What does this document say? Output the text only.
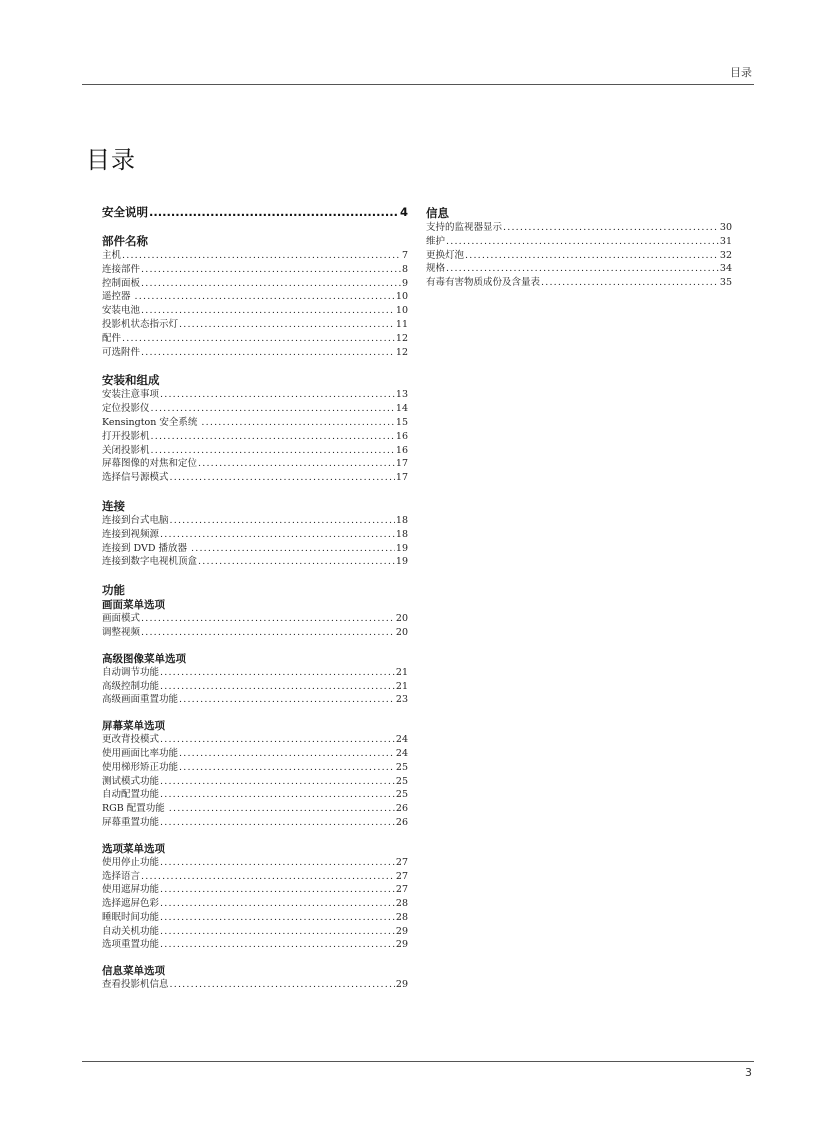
目录
目录
安全说明 .....	4
部件名称
主机 .....	7
连接部件 .....	8
控制面板 .....	9
遥控器 .....	10
安装电池 .....	10
投影机状态指示灯 .....	11
配件 .....	12
可选附件 .....	12
安装和组成
安装注意事项 .....	13
定位投影仪 .....	14
Kensington 安全系统 .....	15
打开投影机 .....	16
关闭投影机 .....	16
屏幕图像的对焦和定位 .....	17
选择信号源模式 .....	17
连接
连接到台式电脑 .....	18
连接到视频源 .....	18
连接到 DVD 播放器 .....	19
连接到数字电视机顶盒 .....	19
功能
画面菜单选项
画面模式 .....	20
调整视频 .....	20
高级图像菜单选项
自动调节功能 .....	21
高级控制功能 .....	21
高级画面重置功能 .....	23
屏幕菜单选项
更改背投模式 .....	24
使用画面比率功能 .....	24
使用梯形矫正功能 .....	25
测试模式功能 .....	25
自动配置功能 .....	25
RGB 配置功能 .....	26
屏幕重置功能 .....	26
选项菜单选项
使用停止功能 .....	27
选择语言 .....	27
使用遮屏功能 .....	27
选择遮屏色彩 .....	28
睡眠时间功能 .....	28
自动关机功能 .....	29
选项重置功能 .....	29
信息菜单选项
查看投影机信息 .....	29
信息
支持的监视器显示 .....	30
维护 .....	31
更换灯泡 .....	32
规格 .....	34
有毒有害物质成份及含量表 .....	35
3
